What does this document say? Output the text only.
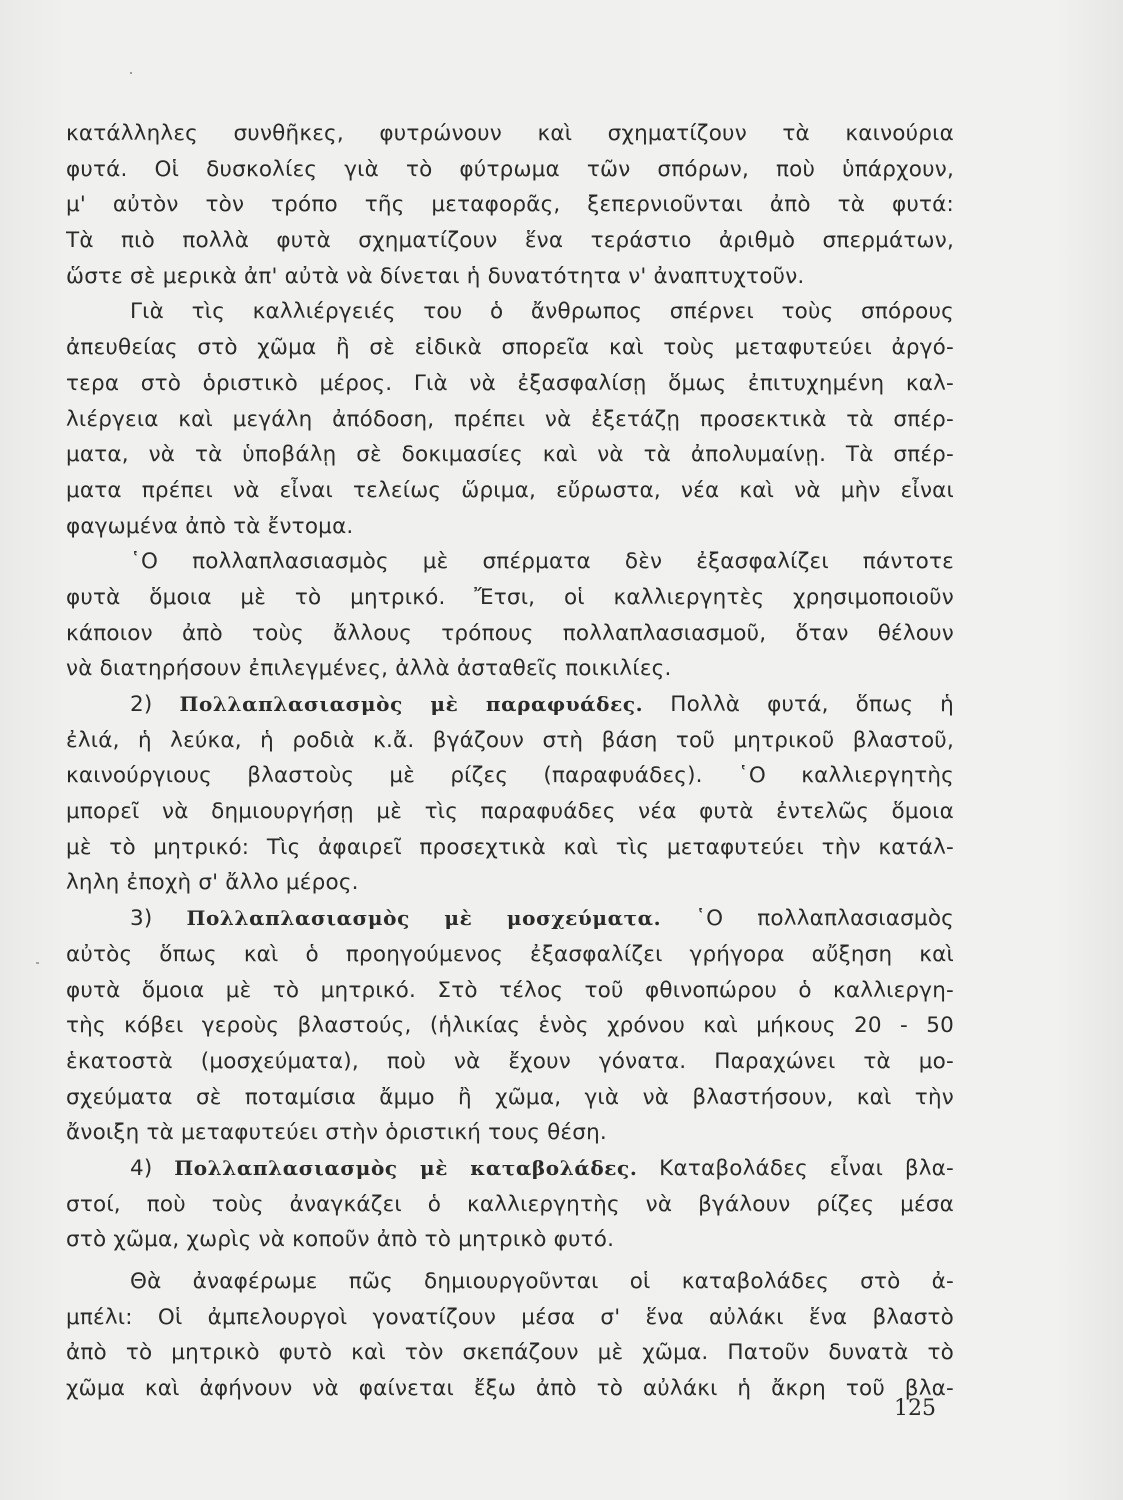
κατάλληλες συνθῆκες, φυτρώνουν καὶ σχηματίζουν τὰ καινούρια
φυτά. Οἱ δυσκολίες γιὰ τὸ φύτρωμα τῶν σπόρων, ποὺ ὑπάρχουν,
μ' αὐτὸν τὸν τρόπο τῆς μεταφορᾶς, ξεπερνιοῦνται ἀπὸ τὰ φυτά:
Τὰ πιὸ πολλὰ φυτὰ σχηματίζουν ἕνα τεράστιο ἀριθμὸ σπερμάτων,
ὥστε σὲ μερικὰ ἀπ' αὐτὰ νὰ δίνεται ἡ δυνατότητα ν' ἀναπτυχτοῦν.
Γιὰ τὶς καλλιέργειές του ὁ ἄνθρωπος σπέρνει τοὺς σπόρους
ἀπευθείας στὸ χῶμα ἢ σὲ εἰδικὰ σπορεῖα καὶ τοὺς μεταφυτεύει ἀργό-
τερα στὸ ὁριστικὸ μέρος. Γιὰ νὰ ἐξασφαλίσῃ ὅμως ἐπιτυχημένη καλ-
λιέργεια καὶ μεγάλη ἀπόδοση, πρέπει νὰ ἐξετάζῃ προσεκτικὰ τὰ σπέρ-
ματα, νὰ τὰ ὑποβάλῃ σὲ δοκιμασίες καὶ νὰ τὰ ἀπολυμαίνῃ. Τὰ σπέρ-
ματα πρέπει νὰ εἶναι τελείως ὥριμα, εὔρωστα, νέα καὶ νὰ μὴν εἶναι
φαγωμένα ἀπὸ τὰ ἔντομα.
῾Ο πολλαπλασιασμὸς μὲ σπέρματα δὲν ἐξασφαλίζει πάντοτε
φυτὰ ὅμοια μὲ τὸ μητρικό. Ἔτσι, οἱ καλλιεργητὲς χρησιμοποιοῦν
κάποιον ἀπὸ τοὺς ἄλλους τρόπους πολλαπλασιασμοῦ, ὅταν θέλουν
νὰ διατηρήσουν ἐπιλεγμένες, ἀλλὰ ἀσταθεῖς ποικιλίες.
2) Πολλαπλασιασμὸς μὲ παραφυάδες. Πολλὰ φυτά, ὅπως ἡ
ἐλιά, ἡ λεύκα, ἡ ροδιὰ κ.ἄ. βγάζουν στὴ βάση τοῦ μητρικοῦ βλαστοῦ,
καινούργιους βλαστοὺς μὲ ρίζες (παραφυάδες). ῾Ο καλλιεργητὴς
μπορεῖ νὰ δημιουργήσῃ μὲ τὶς παραφυάδες νέα φυτὰ ἐντελῶς ὅμοια
μὲ τὸ μητρικό: Τὶς ἀφαιρεῖ προσεχτικὰ καὶ τὶς μεταφυτεύει τὴν κατάλ-
ληλη ἐποχὴ σ' ἄλλο μέρος.
3) Πολλαπλασιασμὸς μὲ μοσχεύματα. ῾Ο πολλαπλασιασμὸς
αὐτὸς ὅπως καὶ ὁ προηγούμενος ἐξασφαλίζει γρήγορα αὔξηση καὶ
φυτὰ ὅμοια μὲ τὸ μητρικό. Στὸ τέλος τοῦ φθινοπώρου ὁ καλλιεργη-
τὴς κόβει γεροὺς βλαστούς, (ἡλικίας ἑνὸς χρόνου καὶ μήκους 20 - 50
ἑκατοστὰ (μοσχεύματα), ποὺ νὰ ἔχουν γόνατα. Παραχώνει τὰ μο-
σχεύματα σὲ ποταμίσια ἄμμο ἢ χῶμα, γιὰ νὰ βλαστήσουν, καὶ τὴν
ἄνοιξη τὰ μεταφυτεύει στὴν ὁριστική τους θέση.
4) Πολλαπλασιασμὸς μὲ καταβολάδες. Καταβολάδες εἶναι βλα-
στοί, ποὺ τοὺς ἀναγκάζει ὁ καλλιεργητὴς νὰ βγάλουν ρίζες μέσα
στὸ χῶμα, χωρὶς νὰ κοποῦν ἀπὸ τὸ μητρικὸ φυτό.
Θὰ ἀναφέρωμε πῶς δημιουργοῦνται οἱ καταβολάδες στὸ ἀ-
μπέλι: Οἱ ἀμπελουργοὶ γονατίζουν μέσα σ' ἕνα αὐλάκι ἕνα βλαστὸ
ἀπὸ τὸ μητρικὸ φυτὸ καὶ τὸν σκεπάζουν μὲ χῶμα. Πατοῦν δυνατὰ τὸ
χῶμα καὶ ἀφήνουν νὰ φαίνεται ἔξω ἀπὸ τὸ αὐλάκι ἡ ἄκρη τοῦ βλα-
125
